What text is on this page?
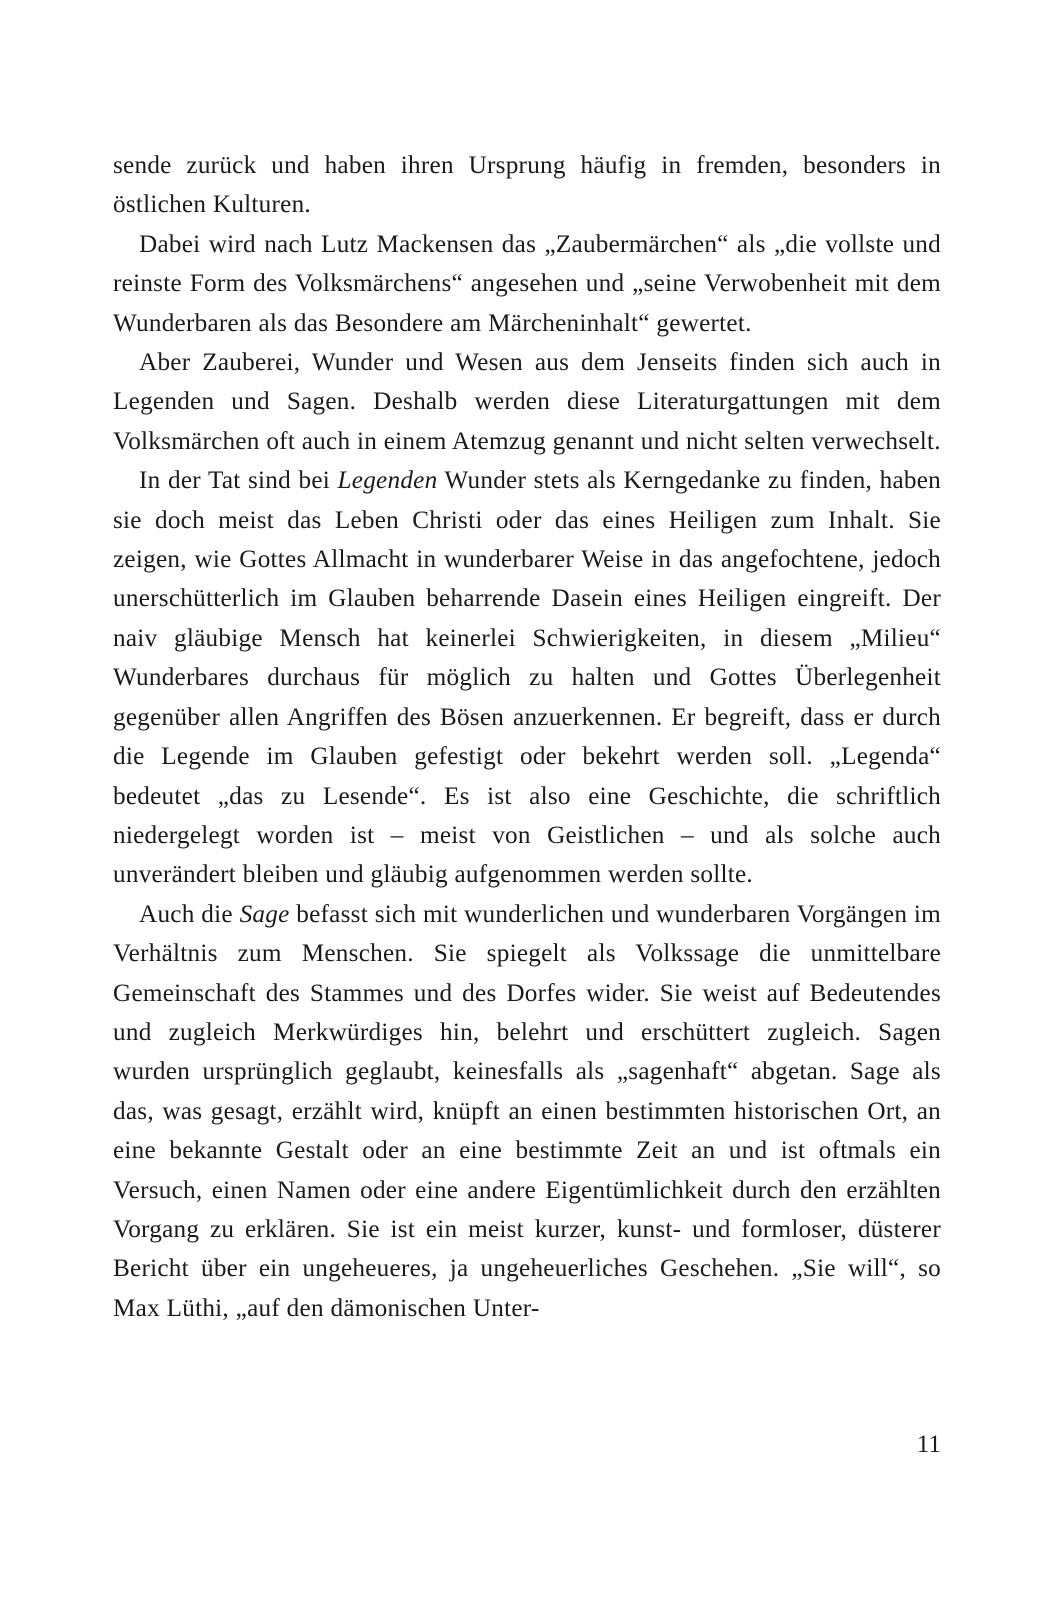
sende zurück und haben ihren Ursprung häufig in fremden, besonders in östlichen Kulturen.

Dabei wird nach Lutz Mackensen das „Zaubermärchen“ als „die vollste und reinste Form des Volksmärchens“ angesehen und „seine Verwobenheit mit dem Wunderbaren als das Besondere am Märcheninhalt“ gewertet.

Aber Zauberei, Wunder und Wesen aus dem Jenseits finden sich auch in Legenden und Sagen. Deshalb werden diese Literaturgattungen mit dem Volksmärchen oft auch in einem Atemzug genannt und nicht selten verwechselt.

In der Tat sind bei Legenden Wunder stets als Kerngedanke zu finden, haben sie doch meist das Leben Christi oder das eines Heiligen zum Inhalt. Sie zeigen, wie Gottes Allmacht in wunderbarer Weise in das angefochtene, jedoch unerschütterlich im Glauben beharrende Dasein eines Heiligen eingreift. Der naiv gläubige Mensch hat keinerlei Schwierigkeiten, in diesem „Milieu“ Wunderbares durchaus für möglich zu halten und Gottes Überlegenheit gegenüber allen Angriffen des Bösen anzuerkennen. Er begreift, dass er durch die Legende im Glauben gefestigt oder bekehrt werden soll. „Legenda“ bedeutet „das zu Lesende“. Es ist also eine Geschichte, die schriftlich niedergelegt worden ist – meist von Geistlichen – und als solche auch unverändert bleiben und gläubig aufgenommen werden sollte.

Auch die Sage befasst sich mit wunderlichen und wunderbaren Vorgängen im Verhältnis zum Menschen. Sie spiegelt als Volkssage die unmittelbare Gemeinschaft des Stammes und des Dorfes wider. Sie weist auf Bedeutendes und zugleich Merkwürdiges hin, belehrt und erschüttert zugleich. Sagen wurden ursprünglich geglaubt, keinesfalls als „sagenhaft“ abgetan. Sage als das, was gesagt, erzählt wird, knüpft an einen bestimmten historischen Ort, an eine bekannte Gestalt oder an eine bestimmte Zeit an und ist oftmals ein Versuch, einen Namen oder eine andere Eigentümlichkeit durch den erzählten Vorgang zu erklären. Sie ist ein meist kurzer, kunst- und formloser, düsterer Bericht über ein ungeheueres, ja ungeheuerliches Geschehen. „Sie will“, so Max Lüthi, „auf den dämonischen Unter-

11
